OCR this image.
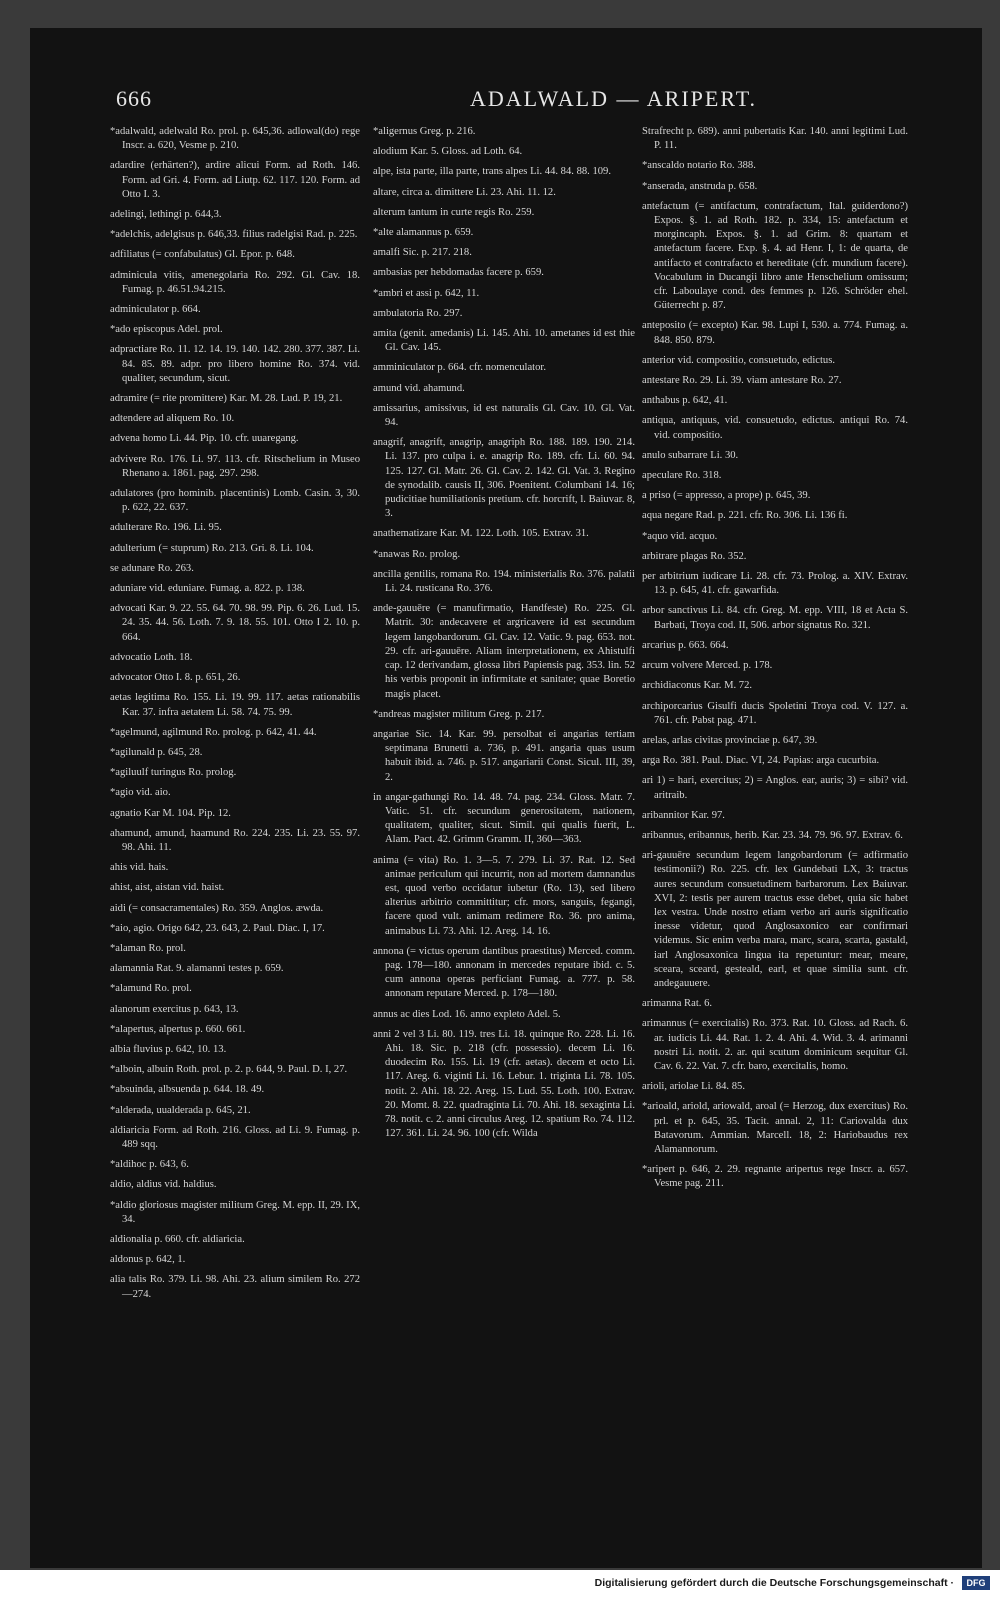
666	ADALWALD — ARIPERT.

*adalwald, adelwald Ro. prol. p. 645,36. adlowal(do) rege Inscr. a. 620, Vesme p. 210.

adardire (erhärten?), ardire alicui Form. ad Roth. 146. Form. ad Gri. 4. Form. ad Liutp. 62. 117. 120. Form. ad Otto I. 3.

adelingi, lethingi p. 644,3.

*adelchis, adelgisus p. 646,33. filius radelgisi Rad. p. 225.

adfiliatus (= confabulatus) Gl. Epor. p. 648.

adminicula vitis, amenegolaria Ro. 292. Gl. Cav. 18. Fumag. p. 46.51.94.215.

adminiculator p. 664.

*ado episcopus Adel. prol.

adpractiare Ro. 11. 12. 14. 19. 140. 142. 280. 377. 387. Li. 84. 85. 89. adpr. pro libero homine Ro. 374. vid. qualiter, secundum, sicut.

adramire (= rite promittere) Kar. M. 28. Lud. P. 19, 21.

adtendere ad aliquem Ro. 10.

advena homo Li. 44. Pip. 10. cfr. uuaregang.

advivere Ro. 176. Li. 97. 113. cfr. Ritschelium in Museo Rhenano a. 1861. pag. 297. 298.

adulatores (pro hominib. placentinis) Lomb. Casin. 3, 30. p. 622, 22. 637.

adulterare Ro. 196. Li. 95.

adulterium (= stuprum) Ro. 213. Gri. 8. Li. 104.

se adunare Ro. 263.

aduniare vid. eduniare. Fumag. a. 822. p. 138.

advocati Kar. 9. 22. 55. 64. 70. 98. 99. Pip. 6. 26. Lud. 15. 24. 35. 44. 56. Loth. 7. 9. 18. 55. 101. Otto I 2. 10. p. 664.

advocatio Loth. 18.

advocator Otto I. 8. p. 651, 26.

aetas legitima Ro. 155. Li. 19. 99. 117. aetas rationabilis Kar. 37. infra aetatem Li. 58. 74. 75. 99.

*agelmund, agilmund Ro. prolog. p. 642, 41. 44.

*agilunald p. 645, 28.

*agiluulf turingus Ro. prolog.

*agio vid. aio.

agnatio Kar M. 104. Pip. 12.

ahamund, amund, haamund Ro. 224. 235. Li. 23. 55. 97. 98. Ahi. 11.

ahis vid. hais.

ahist, aist, aistan vid. haist.

aidi (= consacramentales) Ro. 359. Anglos. æwda.

*aio, agio. Origo 642, 23. 643, 2. Paul. Diac. I, 17.

*alaman Ro. prol.

alamannia Rat. 9. alamanni testes p. 659.

*alamund Ro. prol.

alanorum exercitus p. 643, 13.

*alapertus, alpertus p. 660. 661.

albia fluvius p. 642, 10. 13.

*alboin, albuin Roth. prol. p. 2. p. 644, 9. Paul. D. I, 27.

*absuinda, albsuenda p. 644. 18. 49.

*alderada, uualderada p. 645, 21.

aldiaricia Form. ad Roth. 216. Gloss. ad Li. 9. Fumag. p. 489 sqq.

*aldihoc p. 643, 6.

aldio, aldius vid. haldius.

*aldio gloriosus magister militum Greg. M. epp. II, 29. IX, 34.

aldionalia p. 660. cfr. aldiaricia.

aldonus p. 642, 1.

alia talis Ro. 379. Li. 98. Ahi. 23. alium similem Ro. 272—274.

*aligernus Greg. p. 216.

alodium Kar. 5. Gloss. ad Loth. 64.

alpe, ista parte, illa parte, trans alpes Li. 44. 84. 88. 109.

altare, circa a. dimittere Li. 23. Ahi. 11. 12.

alterum tantum in curte regis Ro. 259.

*alte alamannus p. 659.

amalfi Sic. p. 217. 218.

ambasias per hebdomadas facere p. 659.

*ambri et assi p. 642, 11.

ambulatoria Ro. 297.

amita (genit. amedanis) Li. 145. Ahi. 10. ametanes id est thie Gl. Cav. 145.

amminiculator p. 664. cfr. nomenculator.

amund vid. ahamund.

amissarius, amissivus, id est naturalis Gl. Cav. 10. Gl. Vat. 94.

anagrif, anagrift, anagrip, anagriph Ro. 188. 189. 190. 214. Li. 137. pro culpa i. e. anagrip Ro. 189. cfr. Li. 60. 94. 125. 127. Gl. Matr. 26. Gl. Cav. 2. 142. Gl. Vat. 3. Regino de synodalib. causis II, 306. Poenitent. Columbani 14. 16; pudicitiae humiliationis pretium. cfr. horcrift, l. Baiuvar. 8, 3.

anathematizare Kar. M. 122. Loth. 105. Extrav. 31.

*anawas Ro. prolog.

ancilla gentilis, romana Ro. 194. ministerialis Ro. 376. palatii Li. 24. rusticana Ro. 376.

ande-gauuēre (= manufirmatio, Handfeste) Ro. 225. Gl. Matrit. 30: andecavere et argricavere id est secundum legem langobardorum. Gl. Cav. 12. Vatic. 9. pag. 653. not. 29. cfr. ari-gauuēre. Aliam interpretationem, ex Ahistulfi cap. 12 derivandam, glossa libri Papiensis pag. 353. lin. 52 his verbis proponit in infirmitate et sanitate; quae Boretio magis placet.

*andreas magister militum Greg. p. 217.

angariae Sic. 14. Kar. 99. persolbat ei angarias tertiam septimana Brunetti a. 736, p. 491. angaria quas usum habuit ibid. a. 746. p. 517. angariarii Const. Sicul. III, 39, 2.

in angar-gathungi Ro. 14. 48. 74. pag. 234. Gloss. Matr. 7. Vatic. 51. cfr. secundum generositatem, nationem, qualitatem, qualiter, sicut. Simil. qui qualis fuerit, L. Alam. Pact. 42. Grimm Gramm. II, 360—363.

anima (= vita) Ro. 1. 3—5. 7. 279. Li. 37. Rat. 12. Sed animae periculum qui incurrit, non ad mortem damnandus est, quod verbo occidatur iubetur (Ro. 13), sed libero alterius arbitrio committitur; cfr. mors, sanguis, fegangi, facere quod vult. animam redimere Ro. 36. pro anima, animabus Li. 73. Ahi. 12. Areg. 14. 16.

annona (= victus operum dantibus praestitus) Merced. comm. pag. 178—180. annonam in mercedes reputare ibid. c. 5. cum annona operas perficiant Fumag. a. 777. p. 58. annonam reputare Merced. p. 178—180.

annus ac dies Lod. 16. anno expleto Adel. 5.

anni 2 vel 3 Li. 80. 119. tres Li. 18. quinque Ro. 228. Li. 16. Ahi. 18. Sic. p. 218 (cfr. possessio). decem Li. 16. duodecim Ro. 155. Li. 19 (cfr. aetas). decem et octo Li. 117. Areg. 6. viginti Li. 16. Lebur. 1. triginta Li. 78. 105. notit. 2. Ahi. 18. 22. Areg. 15. Lud. 55. Loth. 100. Extrav. 20. Momt. 8. 22. quadraginta Li. 70. Ahi. 18. sexaginta Li. 78. notit. c. 2. anni circulus Areg. 12. spatium Ro. 74. 112. 127. 361. Li. 24. 96. 100 (cfr. Wilda

Strafrecht p. 689). anni pubertatis Kar. 140. anni legitimi Lud. P. 11.

*anscaldo notario Ro. 388.

*anserada, anstruda p. 658.

antefactum (= antifactum, contrafactum, Ital. guiderdono?) Expos. §. 1. ad Roth. 182. p. 334, 15: antefactum et morgincaph. Expos. §. 1. ad Grim. 8: quartam et antefactum facere. Exp. §. 4. ad Henr. I, 1: de quarta, de antifacto et contrafacto et hereditate (cfr. mundium facere). Vocabulum in Ducangii libro ante Henschelium omissum; cfr. Laboulaye cond. des femmes p. 126. Schröder ehel. Güterrecht p. 87.

anteposito (= excepto) Kar. 98. Lupi I, 530. a. 774. Fumag. a. 848. 850. 879.

anterior vid. compositio, consuetudo, edictus.

antestare Ro. 29. Li. 39. viam antestare Ro. 27.

anthabus p. 642, 41.

antiqua, antiquus, vid. consuetudo, edictus. antiqui Ro. 74. vid. compositio.

anulo subarrare Li. 30.

apeculare Ro. 318.

a priso (= appresso, a prope) p. 645, 39.

aqua negare Rad. p. 221. cfr. Ro. 306. Li. 136 fi.

*aquo vid. acquo.

arbitrare plagas Ro. 352.

per arbitrium iudicare Li. 28. cfr. 73. Prolog. a. XIV. Extrav. 13. p. 645, 41. cfr. gawarfida.

arbor sanctivus Li. 84. cfr. Greg. M. epp. VIII, 18 et Acta S. Barbati, Troya cod. II, 506. arbor signatus Ro. 321.

arcarius p. 663. 664.

arcum volvere Merced. p. 178.

archidiaconus Kar. M. 72.

archiporcarius Gisulfi ducis Spoletini Troya cod. V. 127. a. 761. cfr. Pabst pag. 471.

arelas, arlas civitas provinciae p. 647, 39.

arga Ro. 381. Paul. Diac. VI, 24. Papias: arga cucurbita.

ari 1) = hari, exercitus; 2) = Anglos. ear, auris; 3) = sibi? vid. aritraib.

aribannitor Kar. 97.

aribannus, eribannus, herib. Kar. 23. 34. 79. 96. 97. Extrav. 6.

ari-gauuēre secundum legem langobardorum (= adfirmatio testimonii?) Ro. 225. cfr. lex Gundebati LX, 3: tractus aures secundum consuetudinem barbarorum. Lex Baiuvar. XVI, 2: testis per aurem tractus esse debet, quia sic habet lex vestra. Unde nostro etiam verbo ari auris significatio inesse videtur, quod Anglosaxonico ear confirmari videmus. Sic enim verba mara, marc, scara, scarta, gastald, iarl Anglosaxonica lingua ita repetuntur: mear, meare, sceara, sceard, gesteald, earl, et quae similia sunt. cfr. andegauuere.

arimanna Rat. 6.

arimannus (= exercitalis) Ro. 373. Rat. 10. Gloss. ad Rach. 6. ar. iudicis Li. 44. Rat. 1. 2. 4. Ahi. 4. Wid. 3. 4. arimanni nostri Li. notit. 2. ar. qui scutum dominicum sequitur Gl. Cav. 6. 22. Vat. 7. cfr. baro, exercitalis, homo.

arioli, ariolae Li. 84. 85.

*arioald, ariold, ariowald, aroal (= Herzog, dux exercitus) Ro. prl. et p. 645, 35. Tacit. annal. 2, 11: Cariovalda dux Batavorum. Ammian. Marcell. 18, 2: Hariobaudus rex Alamannorum.

*aripert p. 646, 2. 29. regnante aripertus rege Inscr. a. 657. Vesme pag. 211.

Digitalisierung gefördert durch die Deutsche Forschungsgemeinschaft ·	DFG
